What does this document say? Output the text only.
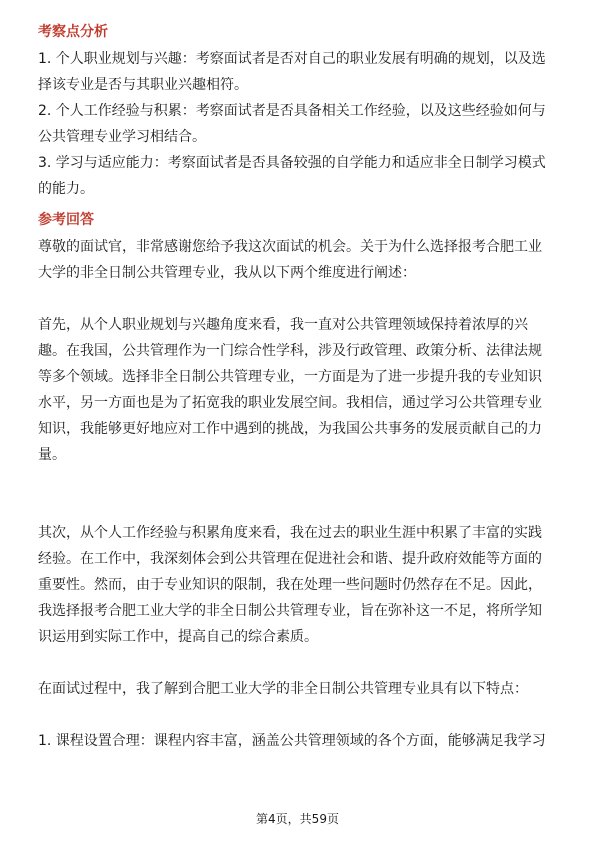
考察点分析

1. 个人职业规划与兴趣：考察面试者是否对自己的职业发展有明确的规划，以及选

择该专业是否与其职业兴趣相符。

2. 个人工作经验与积累：考察面试者是否具备相关工作经验，以及这些经验如何与

公共管理专业学习相结合。

3. 学习与适应能力：考察面试者是否具备较强的自学能力和适应非全日制学习模式

的能力。

参考回答

尊敬的面试官，非常感谢您给予我这次面试的机会。关于为什么选择报考合肥工业

大学的非全日制公共管理专业，我从以下两个维度进行阐述：

首先，从个人职业规划与兴趣角度来看，我一直对公共管理领域保持着浓厚的兴

趣。在我国，公共管理作为一门综合性学科，涉及行政管理、政策分析、法律法规

等多个领域。选择非全日制公共管理专业，一方面是为了进一步提升我的专业知识

水平，另一方面也是为了拓宽我的职业发展空间。我相信，通过学习公共管理专业

知识，我能够更好地应对工作中遇到的挑战，为我国公共事务的发展贡献自己的力

量。

其次，从个人工作经验与积累角度来看，我在过去的职业生涯中积累了丰富的实践

经验。在工作中，我深刻体会到公共管理在促进社会和谐、提升政府效能等方面的

重要性。然而，由于专业知识的限制，我在处理一些问题时仍然存在不足。因此，

我选择报考合肥工业大学的非全日制公共管理专业，旨在弥补这一不足，将所学知

识运用到实际工作中，提高自己的综合素质。

在面试过程中，我了解到合肥工业大学的非全日制公共管理专业具有以下特点：

1. 课程设置合理：课程内容丰富，涵盖公共管理领域的各个方面，能够满足我学习

第4页，共59页
